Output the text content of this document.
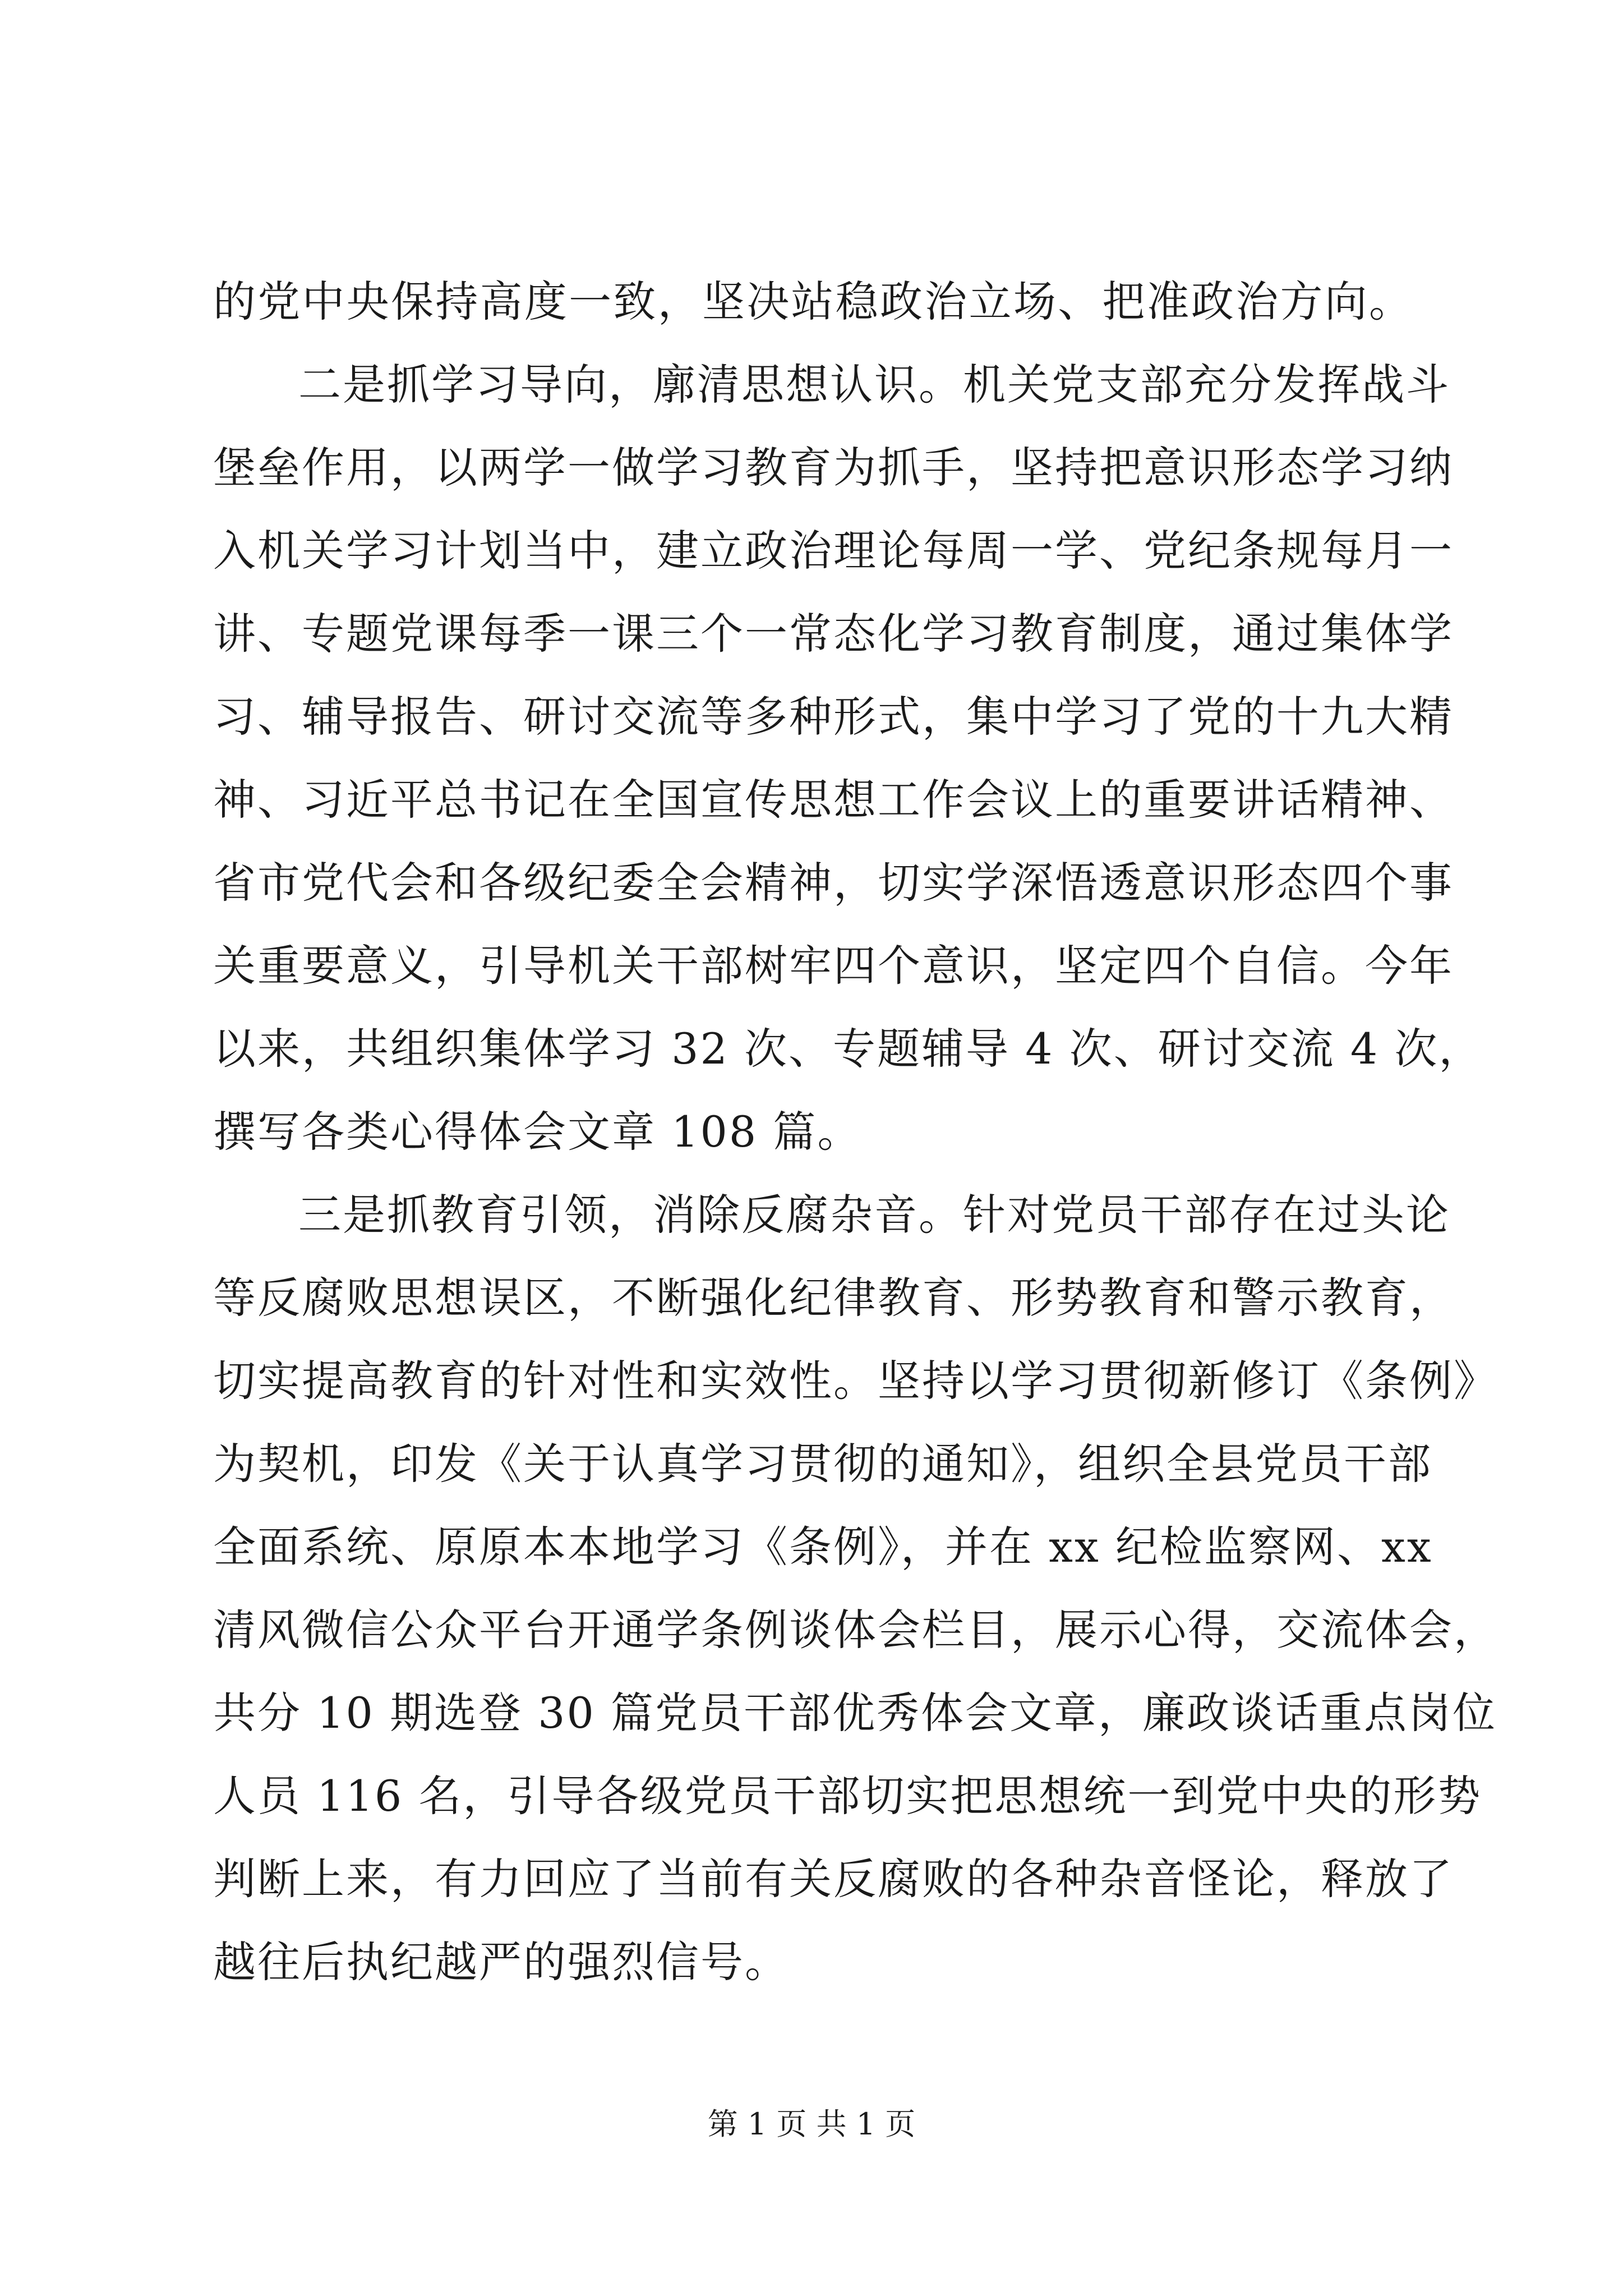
的党中央保持高度一致，坚决站稳政治立场、把准政治方向。
二是抓学习导向，廓清思想认识。机关党支部充分发挥战斗
堡垒作用，以两学一做学习教育为抓手，坚持把意识形态学习纳
入机关学习计划当中，建立政治理论每周一学、党纪条规每月一
讲、专题党课每季一课三个一常态化学习教育制度，通过集体学
习、辅导报告、研讨交流等多种形式，集中学习了党的十九大精
神、习近平总书记在全国宣传思想工作会议上的重要讲话精神、
省市党代会和各级纪委全会精神，切实学深悟透意识形态四个事
关重要意义，引导机关干部树牢四个意识，坚定四个自信。今年
以来，共组织集体学习 32 次、专题辅导 4 次、研讨交流 4 次，
撰写各类心得体会文章 108 篇。
三是抓教育引领，消除反腐杂音。针对党员干部存在过头论
等反腐败思想误区，不断强化纪律教育、形势教育和警示教育，
切实提高教育的针对性和实效性。坚持以学习贯彻新修订《条例》
为契机，印发《关于认真学习贯彻的通知》，组织全县党员干部
全面系统、原原本本地学习《条例》，并在 xx 纪检监察网、xx
清风微信公众平台开通学条例谈体会栏目，展示心得，交流体会，
共分 10 期选登 30 篇党员干部优秀体会文章，廉政谈话重点岗位
人员 116 名，引导各级党员干部切实把思想统一到党中央的形势
判断上来，有力回应了当前有关反腐败的各种杂音怪论，释放了
越往后执纪越严的强烈信号。
第 1 页 共 1 页
